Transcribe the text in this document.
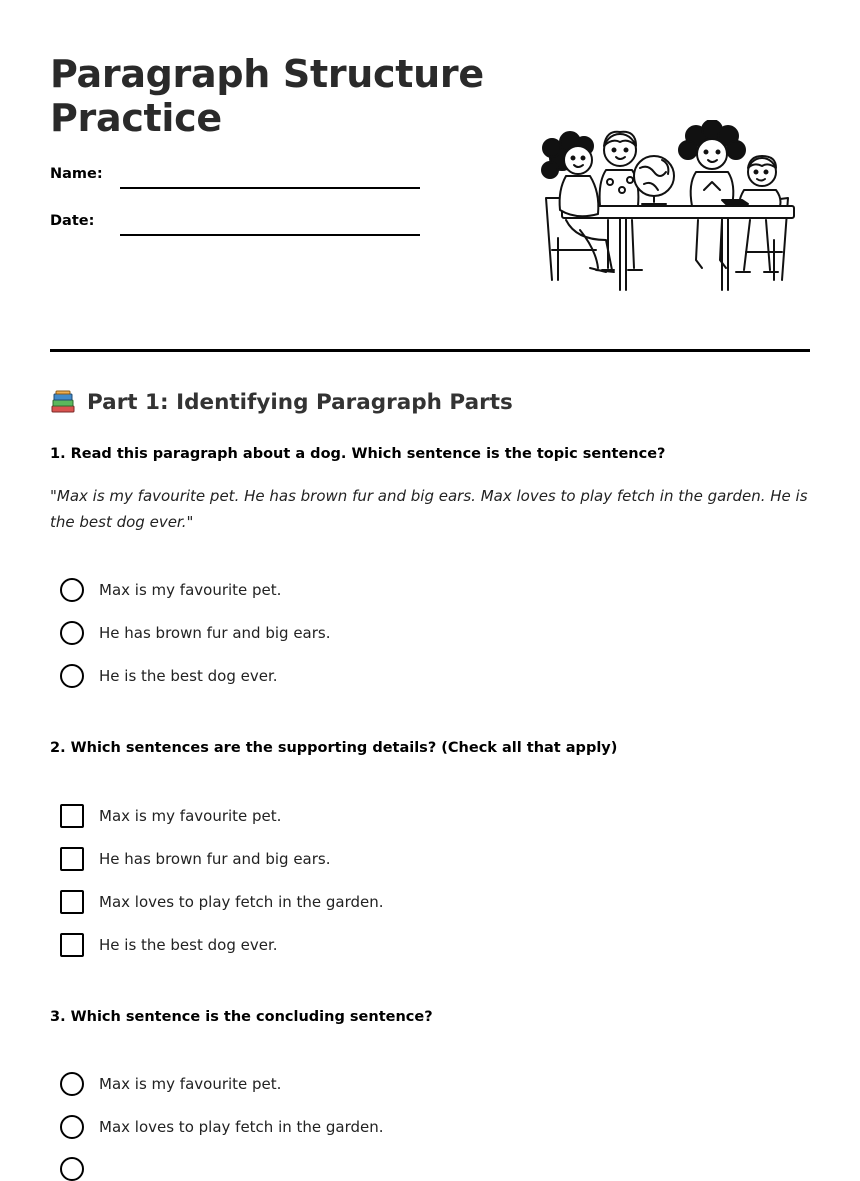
Paragraph Structure
Practice
Name:
Date:
Part 1: Identifying Paragraph Parts

1. Read this paragraph about a dog. Which sentence is the topic sentence?

"Max is my favourite pet. He has brown fur and big ears. Max loves to play fetch in the garden. He is the best dog ever."

Max is my favourite pet.
He has brown fur and big ears.
He is the best dog ever.

2. Which sentences are the supporting details? (Check all that apply)

Max is my favourite pet.
He has brown fur and big ears.
Max loves to play fetch in the garden.
He is the best dog ever.

3. Which sentence is the concluding sentence?

Max is my favourite pet.
Max loves to play fetch in the garden.
